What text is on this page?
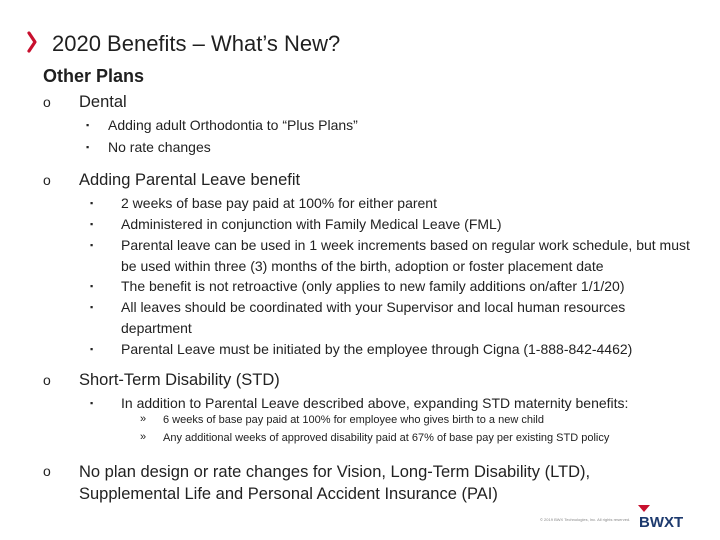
2020 Benefits – What’s New?
Other Plans
o Dental
▪ Adding adult Orthodontia to “Plus Plans”
▪ No rate changes
o Adding Parental Leave benefit
▪ 2 weeks of base pay paid at 100% for either parent
▪ Administered in conjunction with Family Medical Leave (FML)
▪ Parental leave can be used in 1 week increments based on regular work schedule, but must be used within three (3) months of the birth, adoption or foster placement date
▪ The benefit is not retroactive (only applies to new family additions on/after 1/1/20)
▪ All leaves should be coordinated with your Supervisor and local human resources department
▪ Parental Leave must be initiated by the employee through Cigna (1-888-842-4462)
o Short-Term Disability (STD)
▪ In addition to Parental Leave described above, expanding STD maternity benefits:
» 6 weeks of base pay paid at 100% for employee who gives birth to a new child
» Any additional weeks of approved disability paid at 67% of base pay per existing STD policy
o No plan design or rate changes for Vision, Long-Term Disability (LTD), Supplemental Life and Personal Accident Insurance (PAI)
© 2019 BWX Technologies, Inc. All rights reserved. BWXT
